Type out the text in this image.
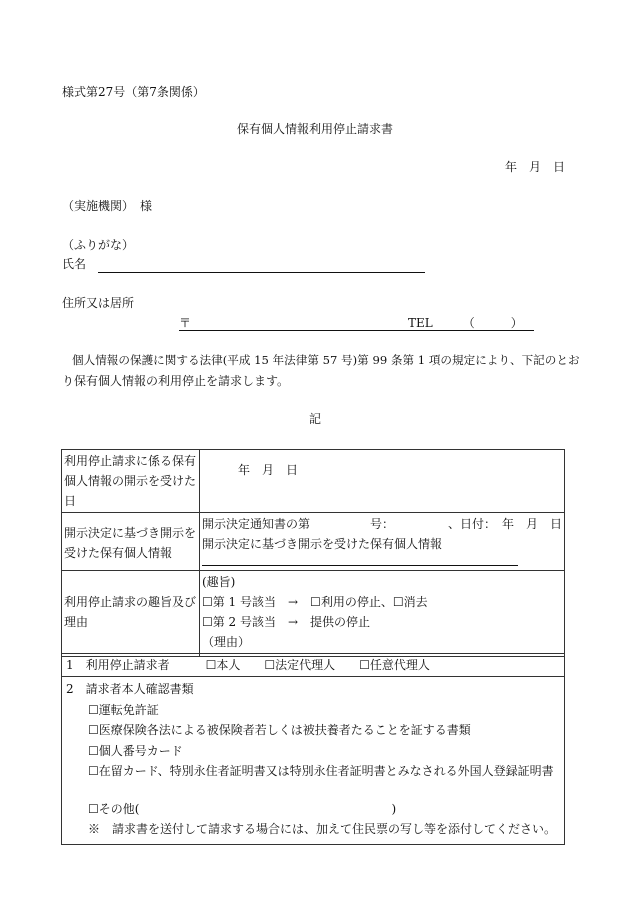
様式第27号（第7条関係）
保有個人情報利用停止請求書
年　月　日
（実施機関）　様
（ふりがな）
氏名
住所又は居所
〒	TEL　　　（　　　）
個人情報の保護に関する法律(平成 15 年法律第 57 号)第 99 条第 1 項の規定により、下記のとお
り保有個人情報の利用停止を請求します。
記
利用停止請求に係る保有個人情報の開示を受けた日	年　月　日

開示決定に基づき開示を受けた保有個人情報	開示決定通知書の第　　　　　号：　　　　　、日付：　年　月　日
開示決定に基づき開示を受けた保有個人情報

利用停止請求の趣旨及び理由	(趣旨)
☐第 1 号該当　→　☐利用の停止、☐消去
☐第 2 号該当　→　提供の停止
（理由）
1　利用停止請求者　　　☐本人　　☐法定代理人　　☐任意代理人

2　請求者本人確認書類
☐運転免許証
☐医療保険各法による被保険者若しくは被扶養者たることを証する書類
☐個人番号カード
☐在留カード、特別永住者証明書又は特別永住者証明書とみなされる外国人登録証明書
☐その他(　　　　　　　　　　　　　　　　　　　　　)
※　請求書を送付して請求する場合には、加えて住民票の写し等を添付してください。
